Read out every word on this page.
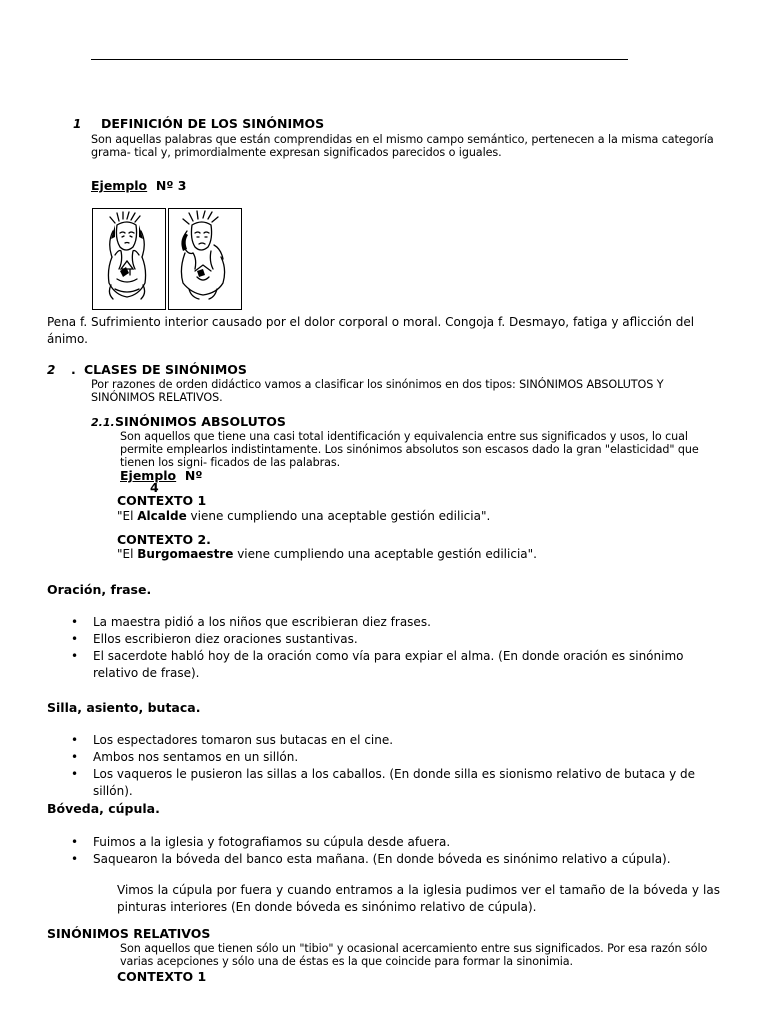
1 DEFINICIÓN DE LOS SINÓNIMOS
Son aquellas palabras que están comprendidas en el mismo campo semántico, pertenecen a la misma categoría
grama- tical y, primordialmente expresan significados parecidos o iguales.
Ejemplo Nº 3
Pena f. Sufrimiento interior causado por el dolor corporal o moral. Congoja f. Desmayo, fatiga y aflicción del
ánimo.
2 . CLASES DE SINÓNIMOS
Por razones de orden didáctico vamos a clasificar los sinónimos en dos tipos: SINÓNIMOS ABSOLUTOS Y
SINÓNIMOS RELATIVOS.
2.1. SINÓNIMOS ABSOLUTOS
Son aquellos que tiene una casi total identificación y equivalencia entre sus significados y usos, lo cual
permite emplearlos indistintamente. Los sinónimos absolutos son escasos dado la gran "elasticidad" que
tienen los signi- ficados de las palabras.
Ejemplo Nº
4
CONTEXTO 1
"El Alcalde viene cumpliendo una aceptable gestión edilicia".
CONTEXTO 2.
"El Burgomaestre viene cumpliendo una aceptable gestión edilicia".
Oración, frase.
• La maestra pidió a los niños que escribieran diez frases.
• Ellos escribieron diez oraciones sustantivas.
• El sacerdote habló hoy de la oración como vía para expiar el alma. (En donde oración es sinónimo relativo de frase).
Silla, asiento, butaca.
• Los espectadores tomaron sus butacas en el cine.
• Ambos nos sentamos en un sillón.
• Los vaqueros le pusieron las sillas a los caballos. (En donde silla es sionismo relativo de butaca y de sillón).
Bóveda, cúpula.
• Fuimos a la iglesia y fotografiamos su cúpula desde afuera.
• Saquearon la bóveda del banco esta mañana. (En donde bóveda es sinónimo relativo a cúpula).
Vimos la cúpula por fuera y cuando entramos a la iglesia pudimos ver el tamaño de la bóveda y las pinturas interiores (En donde bóveda es sinónimo relativo de cúpula).
SINÓNIMOS RELATIVOS
Son aquellos que tienen sólo un "tibio" y ocasional acercamiento entre sus significados. Por esa razón sólo
varias acepciones y sólo una de éstas es la que coincide para formar la sinonimia.
CONTEXTO 1
